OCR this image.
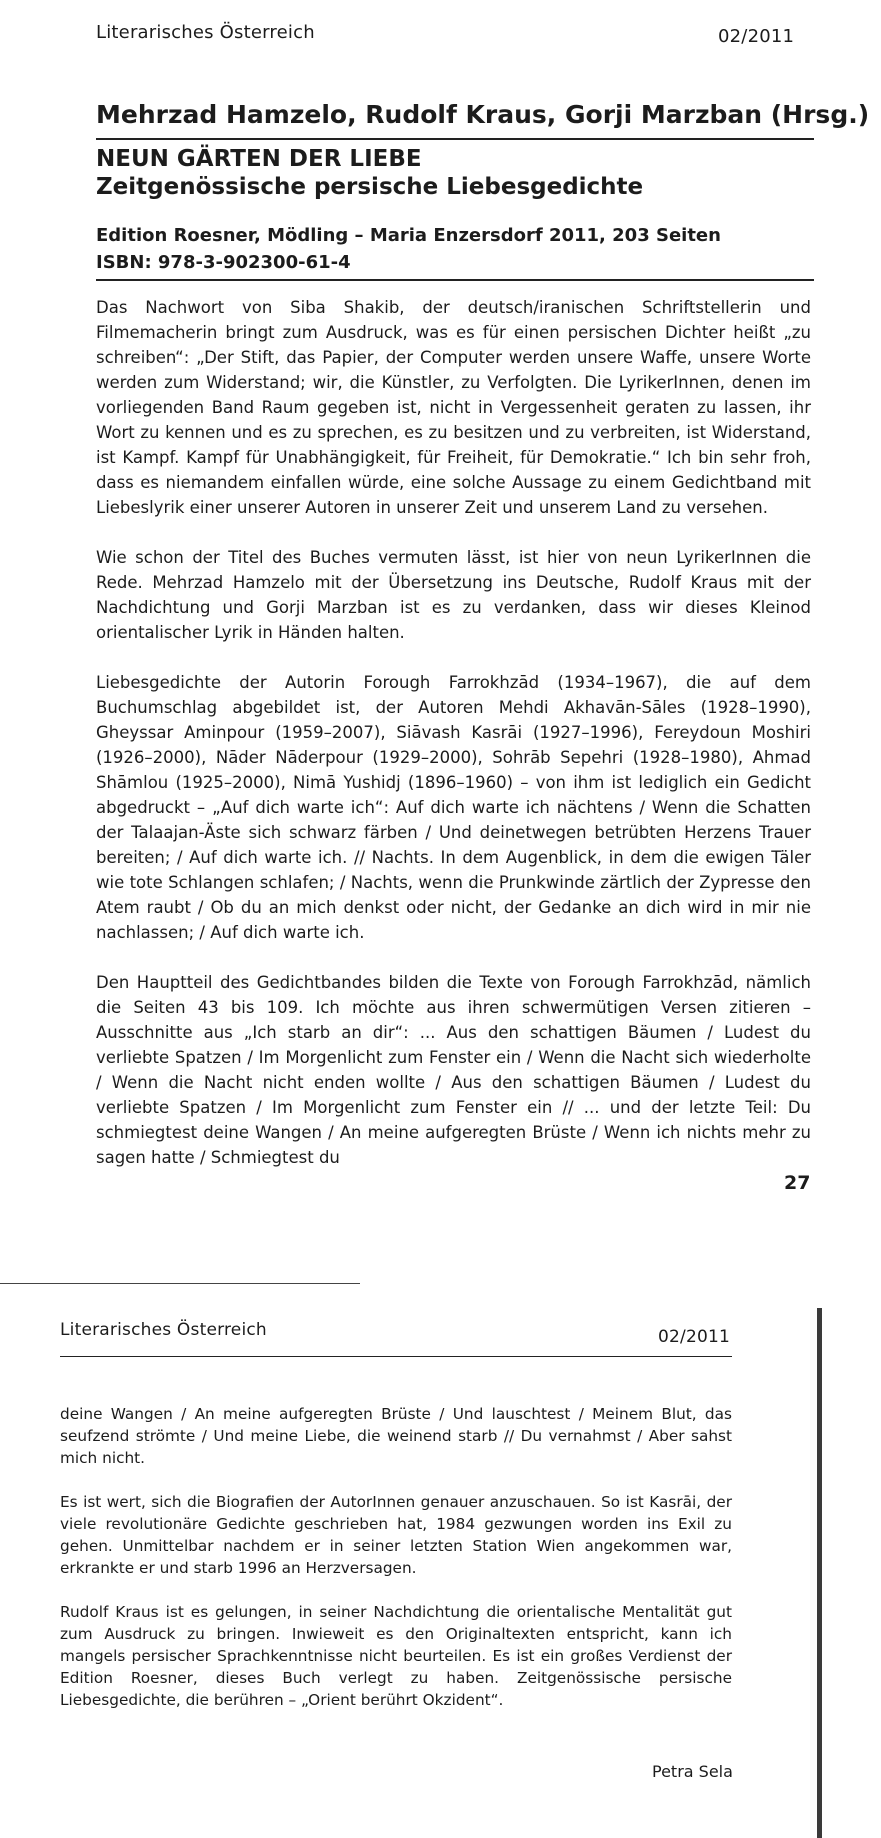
Literarisches Österreich	02/2011
Mehrzad Hamzelo, Rudolf Kraus, Gorji Marzban (Hrsg.)
NEUN GÄRTEN DER LIEBE
Zeitgenössische persische Liebesgedichte
Edition Roesner, Mödling – Maria Enzersdorf 2011, 203 Seiten
ISBN: 978-3-902300-61-4

Das Nachwort von Siba Shakib, der deutsch/iranischen Schriftstellerin und Filmemacherin bringt zum Ausdruck, was es für einen persischen Dichter heißt „zu schreiben“: „Der Stift, das Papier, der Computer werden unsere Waffe, unsere Worte werden zum Widerstand; wir, die Künstler, zu Verfolgten. Die LyrikerInnen, denen im vorliegenden Band Raum gegeben ist, nicht in Vergessenheit geraten zu lassen, ihr Wort zu kennen und es zu sprechen, es zu besitzen und zu verbreiten, ist Widerstand, ist Kampf. Kampf für Unabhängigkeit, für Freiheit, für Demokratie.“ Ich bin sehr froh, dass es niemandem einfallen würde, eine solche Aussage zu einem Gedichtband mit Liebeslyrik einer unserer Autoren in unserer Zeit und unserem Land zu versehen.

Wie schon der Titel des Buches vermuten lässt, ist hier von neun LyrikerInnen die Rede. Mehrzad Hamzelo mit der Übersetzung ins Deutsche, Rudolf Kraus mit der Nachdichtung und Gorji Marzban ist es zu verdanken, dass wir dieses Kleinod orientalischer Lyrik in Händen halten.

Liebesgedichte der Autorin Forough Farrokhzād (1934–1967), die auf dem Buchumschlag abgebildet ist, der Autoren Mehdi Akhavān-Sāles (1928–1990), Gheyssar Aminpour (1959–2007), Siāvash Kasrāi (1927–1996), Fereydoun Moshiri (1926–2000), Nāder Nāderpour (1929–2000), Sohrāb Sepehri (1928–1980), Ahmad Shāmlou (1925–2000), Nimā Yushidj (1896–1960) – von ihm ist lediglich ein Gedicht abgedruckt – „Auf dich warte ich“: Auf dich warte ich nächtens / Wenn die Schatten der Talaajan-Äste sich schwarz färben / Und deinetwegen betrübten Herzens Trauer bereiten; / Auf dich warte ich. // Nachts. In dem Augenblick, in dem die ewigen Täler wie tote Schlangen schlafen; / Nachts, wenn die Prunkwinde zärtlich der Zypresse den Atem raubt / Ob du an mich denkst oder nicht, der Gedanke an dich wird in mir nie nachlassen; / Auf dich warte ich.

Den Hauptteil des Gedichtbandes bilden die Texte von Forough Farrokhzād, nämlich die Seiten 43 bis 109. Ich möchte aus ihren schwermütigen Versen zitieren – Ausschnitte aus „Ich starb an dir“: ... Aus den schattigen Bäumen / Ludest du verliebte Spatzen / Im Morgenlicht zum Fenster ein / Wenn die Nacht sich wiederholte / Wenn die Nacht nicht enden wollte / Aus den schattigen Bäumen / Ludest du verliebte Spatzen / Im Morgenlicht zum Fenster ein // ... und der letzte Teil: Du schmiegtest deine Wangen / An meine aufgeregten Brüste / Wenn ich nichts mehr zu sagen hatte / Schmiegtest du

27
Literarisches Österreich	02/2011

deine Wangen / An meine aufgeregten Brüste / Und lauschtest / Meinem Blut, das seufzend strömte / Und meine Liebe, die weinend starb // Du vernahmst / Aber sahst mich nicht.

Es ist wert, sich die Biografien der AutorInnen genauer anzuschauen. So ist Kasrāi, der viele revolutionäre Gedichte geschrieben hat, 1984 gezwungen worden ins Exil zu gehen. Unmittelbar nachdem er in seiner letzten Station Wien angekommen war, erkrankte er und starb 1996 an Herzversagen.

Rudolf Kraus ist es gelungen, in seiner Nachdichtung die orientalische Mentalität gut zum Ausdruck zu bringen. Inwieweit es den Originaltexten entspricht, kann ich mangels persischer Sprachkenntnisse nicht beurteilen. Es ist ein großes Verdienst der Edition Roesner, dieses Buch verlegt zu haben. Zeitgenössische persische Liebesgedichte, die berühren – „Orient berührt Okzident“.

Petra Sela
